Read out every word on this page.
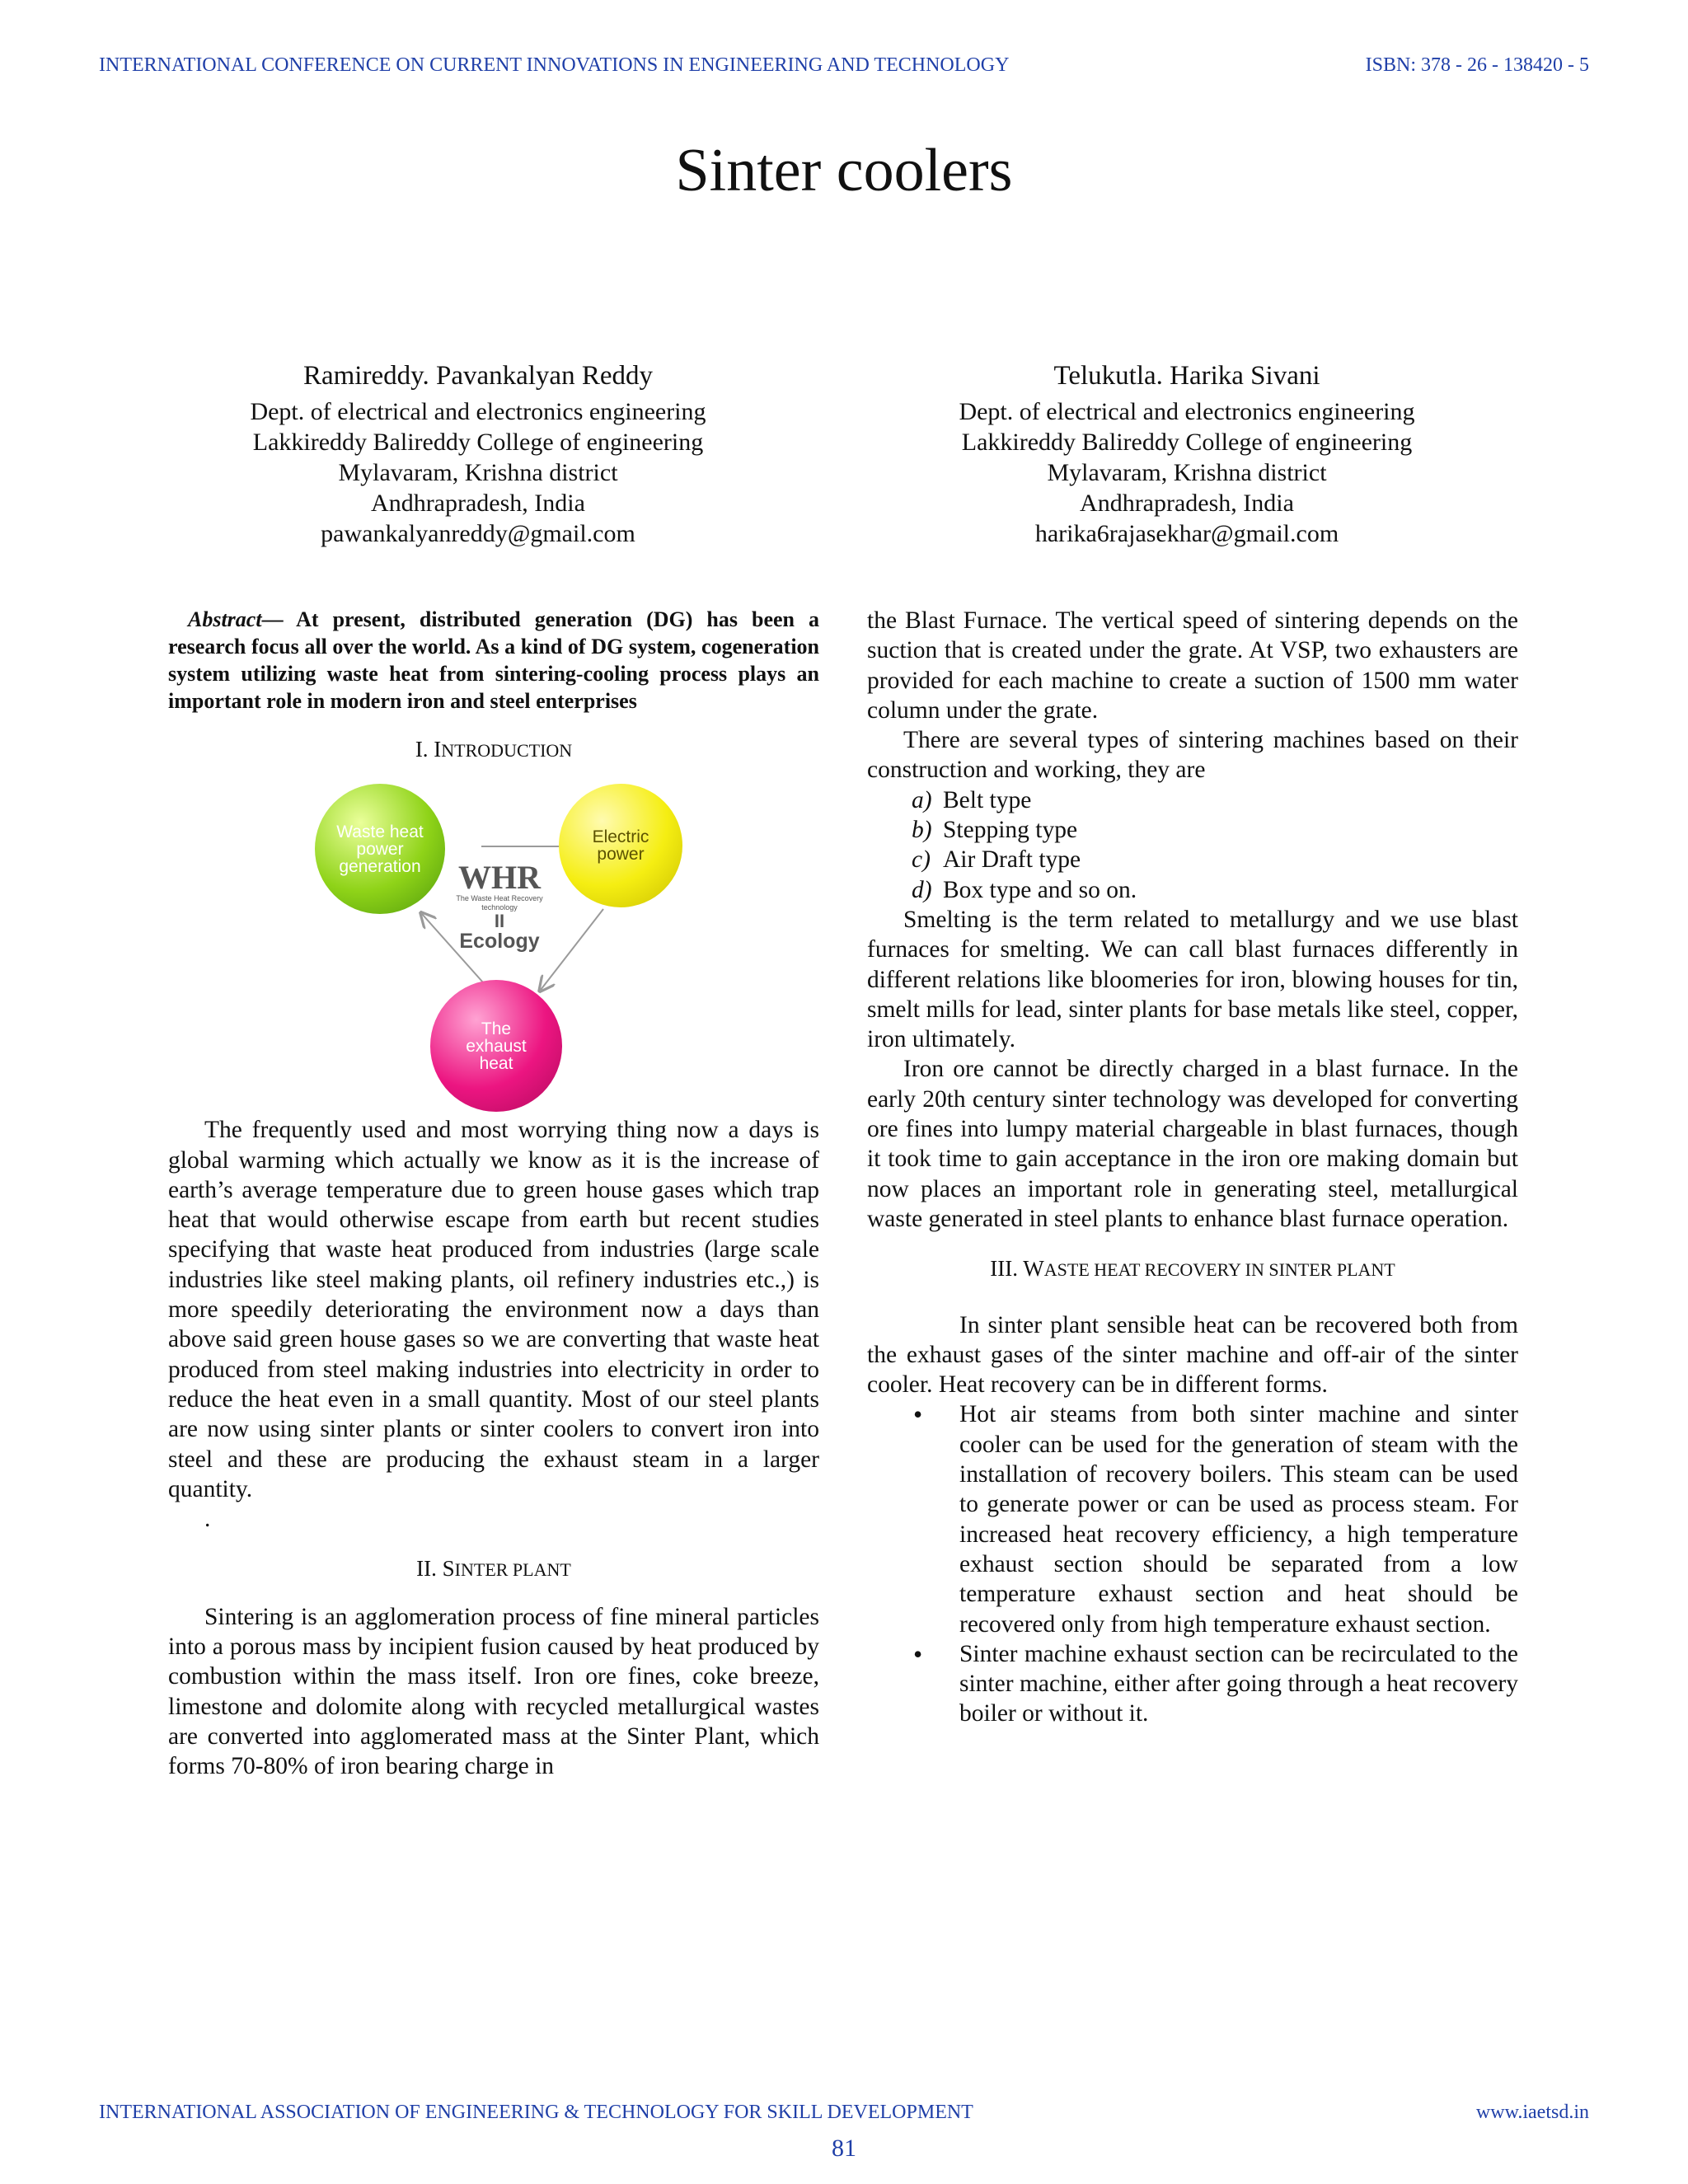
INTERNATIONAL CONFERENCE ON CURRENT INNOVATIONS IN ENGINEERING AND TECHNOLOGY	ISBN: 378 - 26 - 138420 - 5
Sinter coolers
Ramireddy. Pavankalyan Reddy
Dept. of electrical and electronics engineering
Lakkireddy Balireddy College of engineering
Mylavaram, Krishna district
Andhrapradesh, India
pawankalyanreddy@gmail.com
Telukutla. Harika Sivani
Dept. of electrical and electronics engineering
Lakkireddy Balireddy College of engineering
Mylavaram, Krishna district
Andhrapradesh, India
harika6rajasekhar@gmail.com

Abstract— At present, distributed generation (DG) has been a research focus all over the world. As a kind of DG system, cogeneration system utilizing waste heat from sintering-cooling process plays an important role in modern iron and steel enterprises

I. INTRODUCTION
Waste heat power generation
Electric power
The exhaust heat
WHR
The Waste Heat Recovery technology
II
Ecology

The frequently used and most worrying thing now a days is global warming which actually we know as it is the increase of earth’s average temperature due to green house gases which trap heat that would otherwise escape from earth but recent studies specifying that waste heat produced from industries (large scale industries like steel making plants, oil refinery industries etc.,) is more speedily deteriorating the environment now a days than above said green house gases so we are converting that waste heat produced from steel making industries into electricity in order to reduce the heat even in a small quantity. Most of our steel plants are now using sinter plants or sinter coolers to convert iron into steel and these are producing the exhaust steam in a larger quantity.

.

II. SINTER PLANT

Sintering is an agglomeration process of fine mineral particles into a porous mass by incipient fusion caused by heat produced by combustion within the mass itself. Iron ore fines, coke breeze, limestone and dolomite along with recycled metallurgical wastes are converted into agglomerated mass at the Sinter Plant, which forms 70-80% of iron bearing charge in

the Blast Furnace. The vertical speed of sintering depends on the suction that is created under the grate. At VSP, two exhausters are provided for each machine to create a suction of 1500 mm water column under the grate.

There are several types of sintering machines based on their construction and working, they are

a) Belt type
b) Stepping type
c) Air Draft type
d) Box type and so on.

Smelting is the term related to metallurgy and we use blast furnaces for smelting. We can call blast furnaces differently in different relations like bloomeries for iron, blowing houses for tin, smelt mills for lead, sinter plants for base metals like steel, copper, iron ultimately.

Iron ore cannot be directly charged in a blast furnace. In the early 20th century sinter technology was developed for converting ore fines into lumpy material chargeable in blast furnaces, though it took time to gain acceptance in the iron ore making domain but now places an important role in generating steel, metallurgical waste generated in steel plants to enhance blast furnace operation.

III. WASTE HEAT RECOVERY IN SINTER PLANT

In sinter plant sensible heat can be recovered both from the exhaust gases of the sinter machine and off-air of the sinter cooler. Heat recovery can be in different forms.

• Hot air steams from both sinter machine and sinter cooler can be used for the generation of steam with the installation of recovery boilers. This steam can be used to generate power or can be used as process steam. For increased heat recovery efficiency, a high temperature exhaust section should be separated from a low temperature exhaust section and heat should be recovered only from high temperature exhaust section.
• Sinter machine exhaust section can be recirculated to the sinter machine, either after going through a heat recovery boiler or without it.
INTERNATIONAL ASSOCIATION OF ENGINEERING & TECHNOLOGY FOR SKILL DEVELOPMENT	www.iaetsd.in
81
